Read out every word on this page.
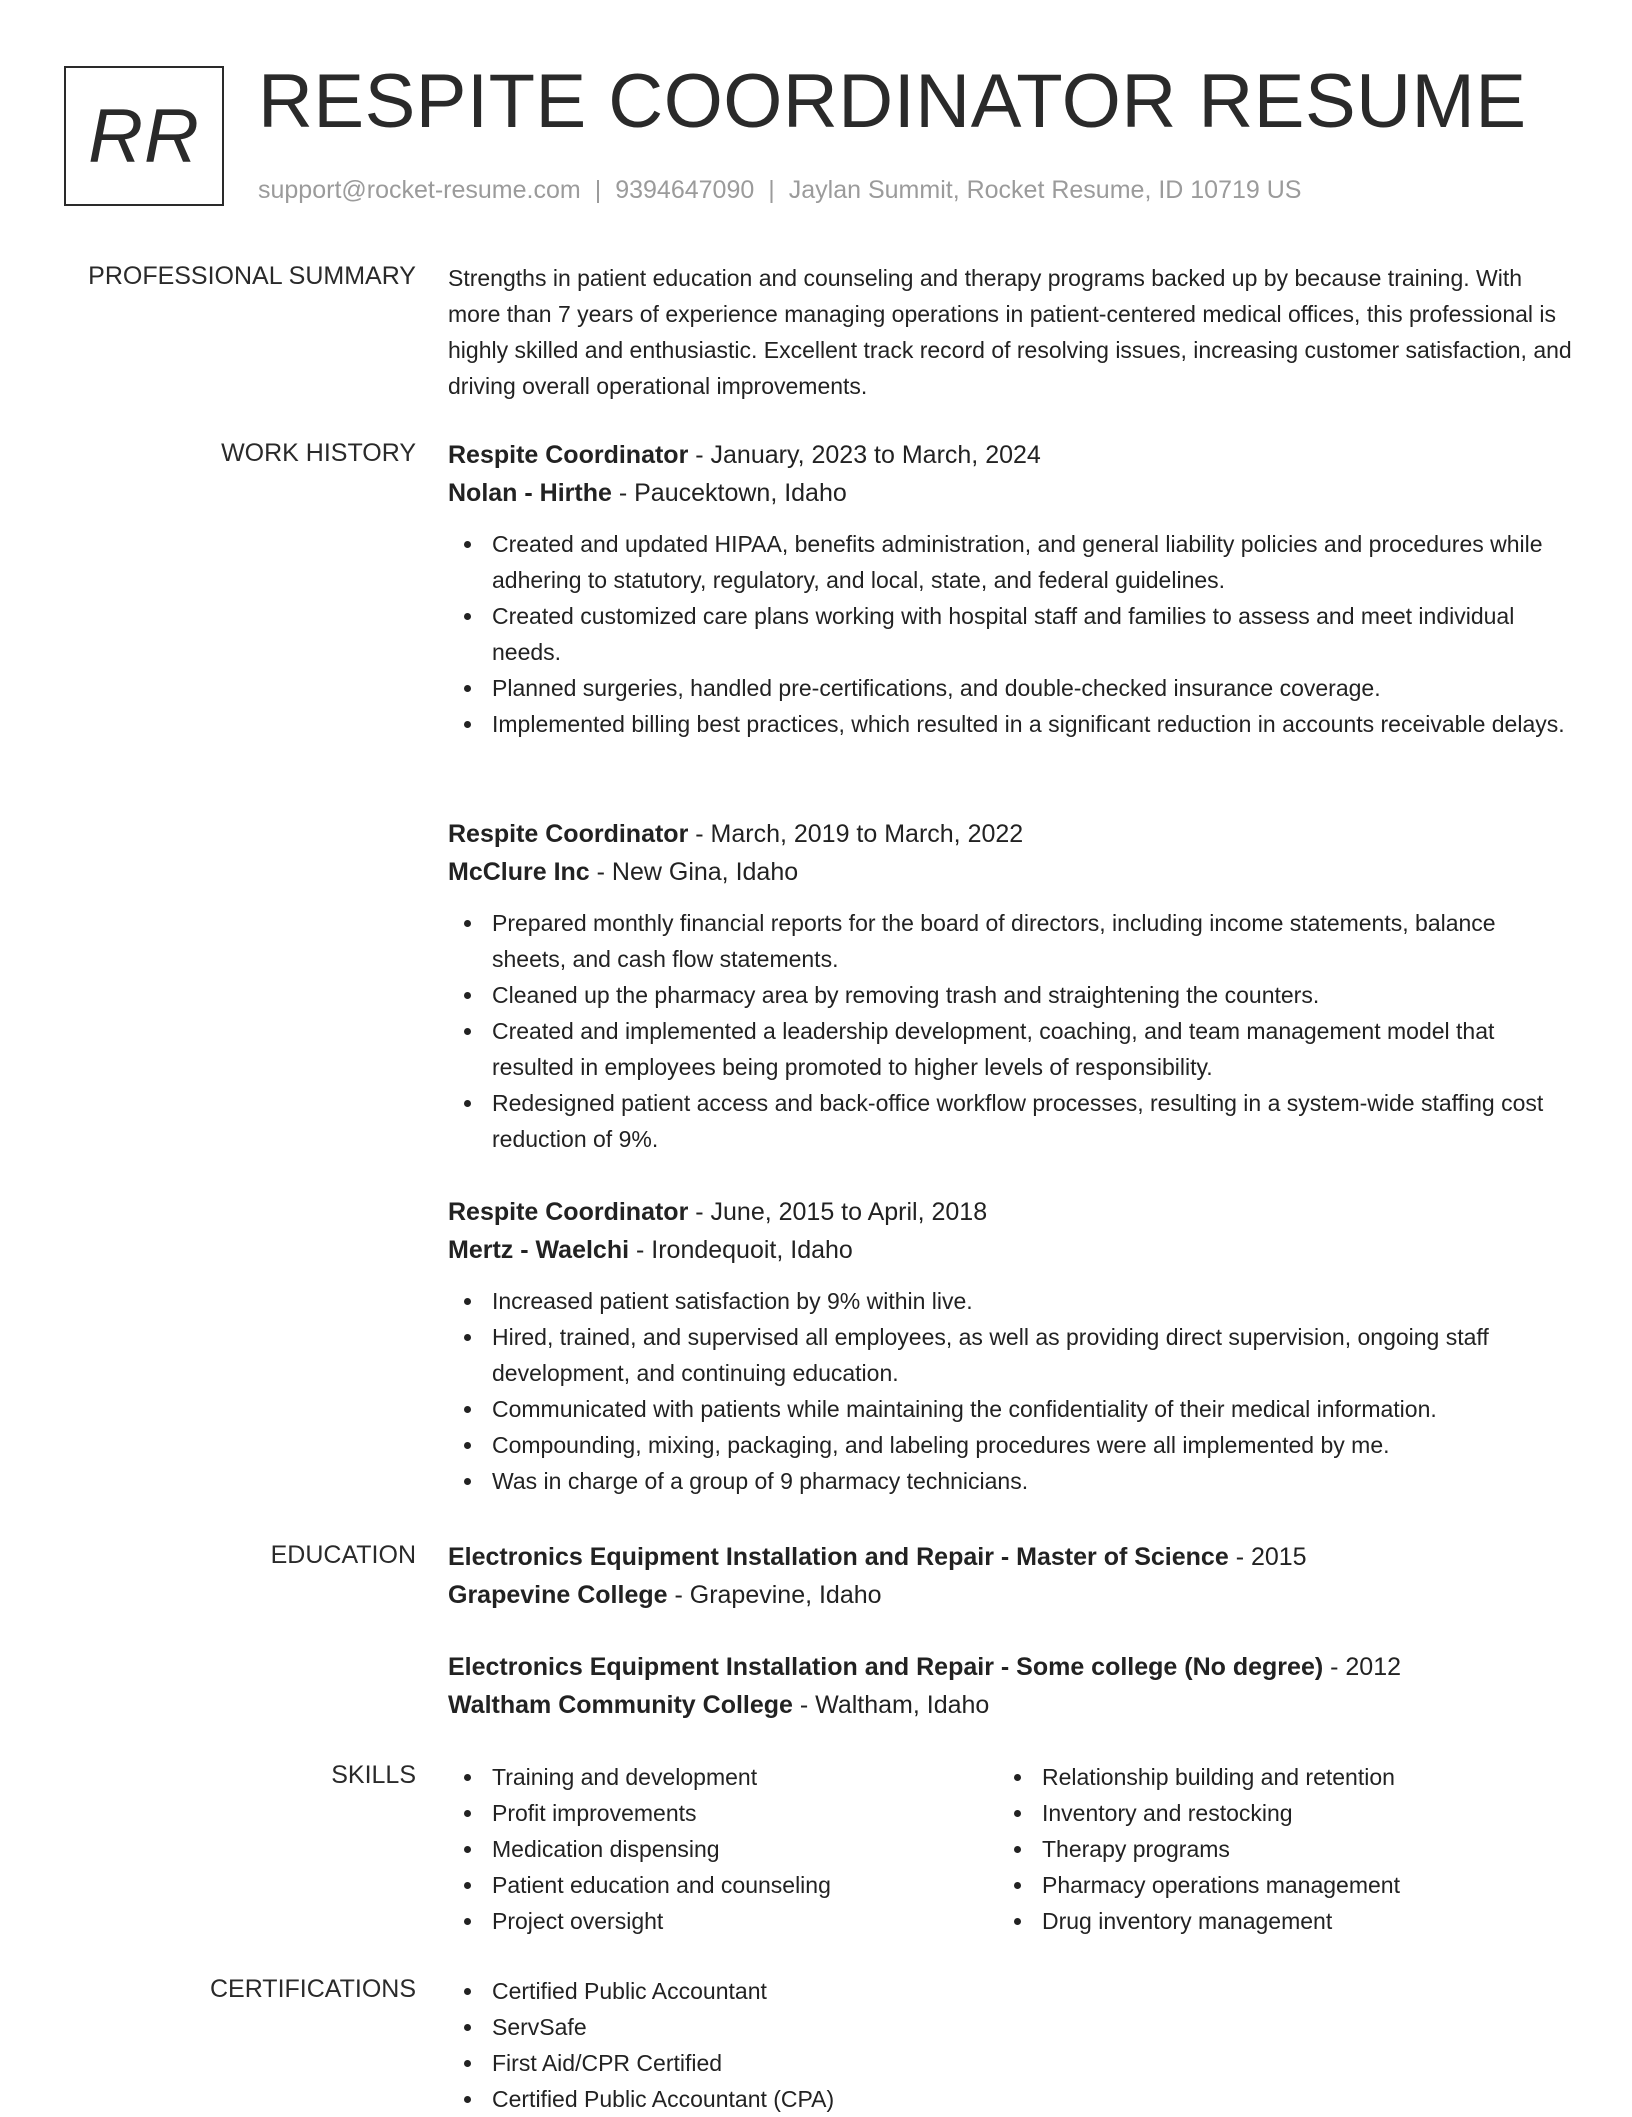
RR RESPITE COORDINATOR RESUME
support@rocket-resume.com | 9394647090 | Jaylan Summit, Rocket Resume, ID 10719 US
PROFESSIONAL SUMMARY Strengths in patient education and counseling and therapy programs backed up by because training. With more than 7 years of experience managing operations in patient-centered medical offices, this professional is highly skilled and enthusiastic. Excellent track record of resolving issues, increasing customer satisfaction, and driving overall operational improvements.

WORK HISTORY Respite Coordinator - January, 2023 to March, 2024

Nolan - Hirthe - Paucektown, Idaho

Created and updated HIPAA, benefits administration, and general liability policies and procedures while adhering to statutory, regulatory, and local, state, and federal guidelines.
Created customized care plans working with hospital staff and families to assess and meet individual needs.
Planned surgeries, handled pre-certifications, and double-checked insurance coverage.
Implemented billing best practices, which resulted in a significant reduction in accounts receivable delays.

Respite Coordinator - March, 2019 to March, 2022

McClure Inc - New Gina, Idaho

Prepared monthly financial reports for the board of directors, including income statements, balance sheets, and cash flow statements.
Cleaned up the pharmacy area by removing trash and straightening the counters.
Created and implemented a leadership development, coaching, and team management model that resulted in employees being promoted to higher levels of responsibility.
Redesigned patient access and back-office workflow processes, resulting in a system-wide staffing cost reduction of 9%.

Respite Coordinator - June, 2015 to April, 2018

Mertz - Waelchi - Irondequoit, Idaho

Increased patient satisfaction by 9% within live.
Hired, trained, and supervised all employees, as well as providing direct supervision, ongoing staff development, and continuing education.
Communicated with patients while maintaining the confidentiality of their medical information.
Compounding, mixing, packaging, and labeling procedures were all implemented by me.
Was in charge of a group of 9 pharmacy technicians.
EDUCATION Electronics Equipment Installation and Repair - Master of Science - 2015

Grapevine College - Grapevine, Idaho

Electronics Equipment Installation and Repair - Some college (No degree) - 2012

Waltham Community College - Waltham, Idaho

SKILLS	Training and development
Profit improvements
Medication dispensing
Patient education and counseling
Project oversight
Relationship building and retention
Inventory and restocking
Therapy programs
Pharmacy operations management
Drug inventory management
CERTIFICATIONS	Certified Public Accountant
ServSafe
First Aid/CPR Certified
Certified Public Accountant (CPA)
